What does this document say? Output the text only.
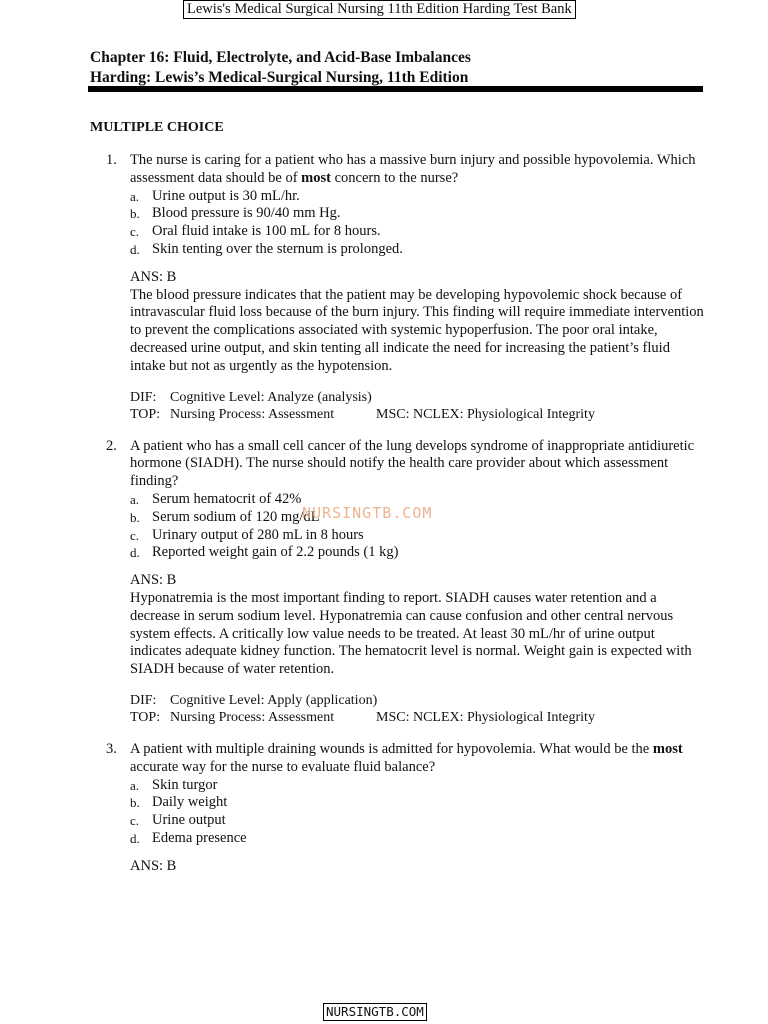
Lewis's Medical Surgical Nursing 11th Edition Harding Test Bank
Chapter 16: Fluid, Electrolyte, and Acid-Base Imbalances
Harding: Lewis’s Medical-Surgical Nursing, 11th Edition
MULTIPLE CHOICE
1. The nurse is caring for a patient who has a massive burn injury and possible hypovolemia. Which assessment data should be of most concern to the nurse?

a. Urine output is 30 mL/hr.
b. Blood pressure is 90/40 mm Hg.
c. Oral fluid intake is 100 mL for 8 hours.
d. Skin tenting over the sternum is prolonged.
ANS: B

The blood pressure indicates that the patient may be developing hypovolemic shock because of intravascular fluid loss because of the burn injury. This finding will require immediate intervention to prevent the complications associated with systemic hypoperfusion. The poor oral intake, decreased urine output, and skin tenting all indicate the need for increasing the patient’s fluid intake but not as urgently as the hypotension.

DIF: Cognitive Level: Analyze (analysis)
TOP: Nursing Process: Assessment	MSC: NCLEX: Physiological Integrity
2. A patient who has a small cell cancer of the lung develops syndrome of inappropriate antidiuretic hormone (SIADH). The nurse should notify the health care provider about which assessment finding?

a. Serum hematocrit of 42%
b. Serum sodium of 120 mg/dL
c. Urinary output of 280 mL in 8 hours
d. Reported weight gain of 2.2 pounds (1 kg)
ANS: B

Hyponatremia is the most important finding to report. SIADH causes water retention and a decrease in serum sodium level. Hyponatremia can cause confusion and other central nervous system effects. A critically low value needs to be treated. At least 30 mL/hr of urine output indicates adequate kidney function. The hematocrit level is normal. Weight gain is expected with SIADH because of water retention.

DIF: Cognitive Level: Apply (application)
TOP: Nursing Process: Assessment	MSC: NCLEX: Physiological Integrity
3. A patient with multiple draining wounds is admitted for hypovolemia. What would be the most accurate way for the nurse to evaluate fluid balance?

a. Skin turgor
b. Daily weight
c. Urine output
d. Edema presence
ANS: B
NURSINGTB.COM
NURSINGTB.COM
